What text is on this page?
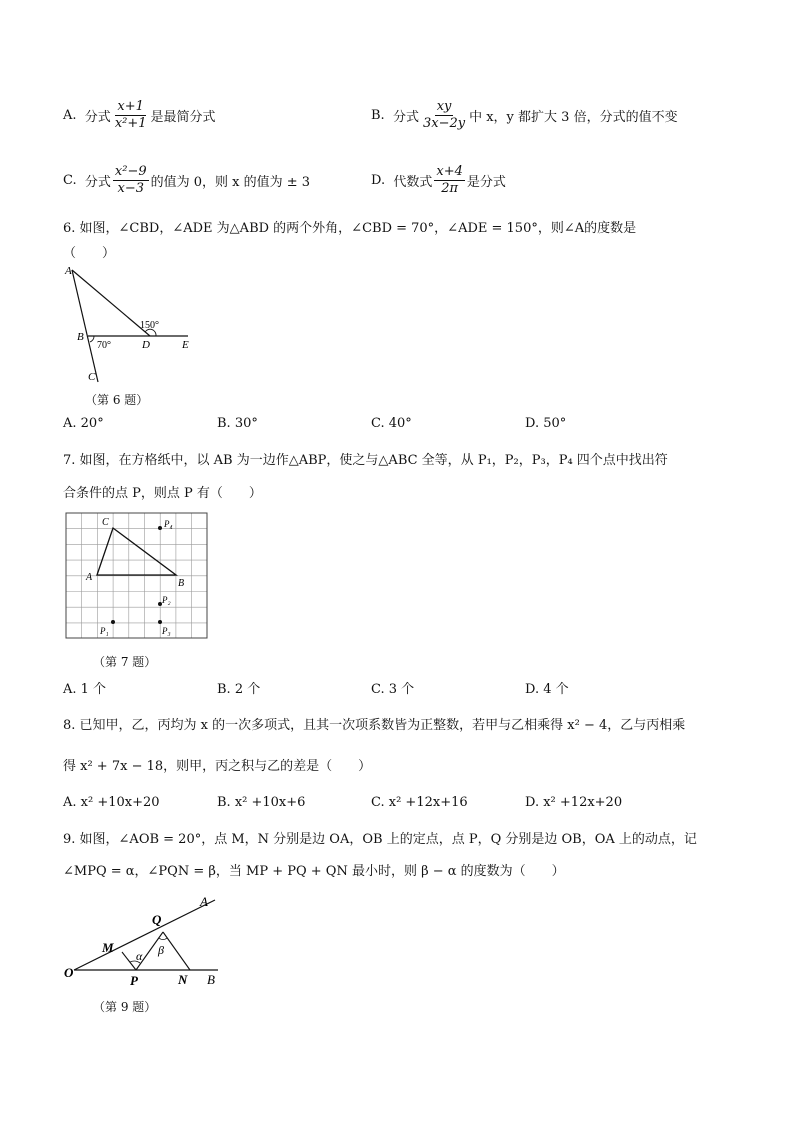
A.
分式 $\frac{x+1}{\text{x²+1}}$ 是最简分式	B.
分式 $\frac{xy}{3x-2y}$ 中 x，y 都扩大 3 倍，分式的值不变
C.
分式 $\frac{\text{x²−9}}{x-3}$ 的值为 0，则 x 的值为 ± 3	D.
代数式 $\frac{x+4}{2\pi}$ 是分式
6. 如图，∠CBD，∠ADE 为△ABD 的两个外角，∠CBD = 70°，∠ADE = 150°，则∠A的度数是
（　　）
A
B
C
D	E
70°
150°
（第 6 题）
A. 20°	B. 30°	C. 40°	D. 50°
7. 如图，在方格纸中，以 AB 为一边作△ABP，使之与△ABC 全等，从 P₁，P₂，P₃，P₄ 四个点中找出符
合条件的点 P，则点 P 有（　　）
A
B
C	P₄
P₂
P₃
P₁
（第 7 题）
A. 1 个	B. 2 个	C. 3 个	D. 4 个
8. 已知甲，乙，丙均为 x 的一次多项式，且其一次项系数皆为正整数，若甲与乙相乘得 x² − 4，乙与丙相乘
得 x² + 7x − 18，则甲，丙之积与乙的差是（　　）
A. x² +10x+20	B. x² +10x+6	C. x² +12x+16	D. x² +12x+20
9. 如图，∠AOB = 20°，点 M，N 分别是边 OA，OB 上的定点，点 P，Q 分别是边 OB，OA 上的动点，记
∠MPQ = α，∠PQN = β，当 MP + PQ + QN 最小时，则 β − α 的度数为（　　）
O
A
B
M
N
P
Q
α β
（第 9 题）
